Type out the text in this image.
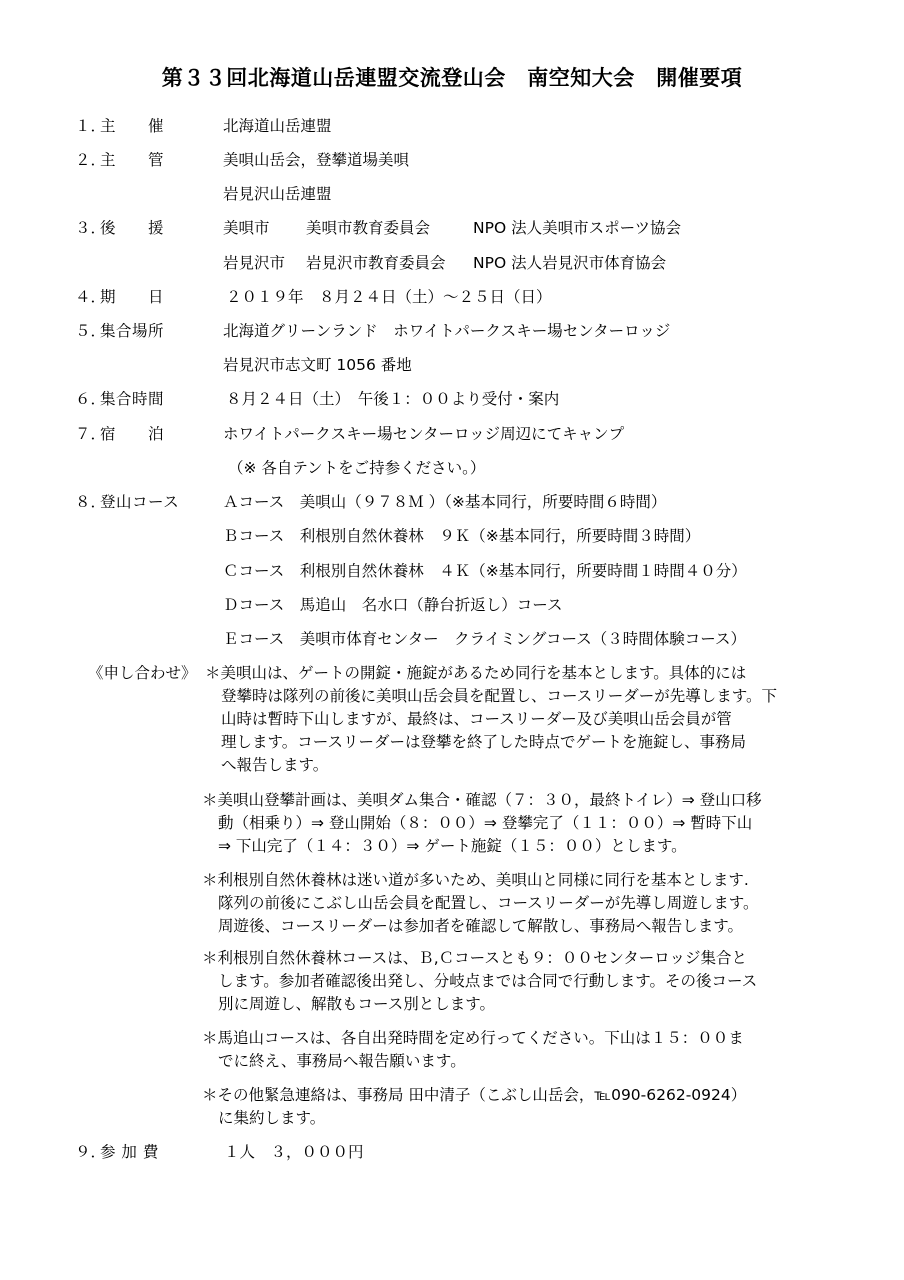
第３３回北海道山岳連盟交流登山会　南空知大会　開催要項
１．
主　　催	北海道山岳連盟
２．
主　　管	美唄山岳会，登攀道場美唄
岩見沢山岳連盟
３．
後　　援	美唄市 美唄市教育委員会	NPO 法人美唄市スポーツ協会
岩見沢市 岩見沢市教育委員会 NPO 法人岩見沢市体育協会
４．
期　　日	２０１９年　８月２４日（土）～２５日（日）
５．
集合場所	北海道グリーンランド　ホワイトパークスキー場センターロッジ
岩見沢市志文町 1056 番地
６．
集合時間	８月２４日（土）　午後１：００より受付・案内
７．
宿　　泊	ホワイトパークスキー場センターロッジ周辺にてキャンプ
（※ 各自テントをご持参ください。）
８．
登山コース	Ａコース　美唄山（９７８Ｍ ）（※基本同行，所要時間６時間）
Ｂコース　利根別自然休養林　９Ｋ（※基本同行，所要時間３時間）
Ｃコース　利根別自然休養林　４Ｋ（※基本同行，所要時間１時間４０分）
Ｄコース　馬追山　名水口（静台折返し）コース
Ｅコース　美唄市体育センター　クライミングコース（３時間体験コース）
《申し合わせ》 ＊美唄山は、ゲートの開錠・施錠があるため同行を基本とします。具体的には
登攀時は隊列の前後に美唄山岳会員を配置し、コースリーダーが先導します。下
山時は暫時下山しますが、最終は、コースリーダー及び美唄山岳会員が管
理します。コースリーダーは登攀を終了した時点でゲートを施錠し、事務局
へ報告します。
＊美唄山登攀計画は、美唄ダム集合・確認（７：３０，最終トイレ）⇒ 登山口移
動（相乗り）⇒ 登山開始（８：００）⇒ 登攀完了（１１：００）⇒ 暫時下山
⇒ 下山完了（１４：３０）⇒ ゲート施錠（１５：００）とします。
＊利根別自然休養林は迷い道が多いため、美唄山と同様に同行を基本とします.
隊列の前後にこぶし山岳会員を配置し、コースリーダーが先導し周遊します。
周遊後、コースリーダーは参加者を確認して解散し、事務局へ報告します。
＊利根別自然休養林コースは、Ｂ,Ｃコースとも９：００センターロッジ集合と
します。参加者確認後出発し、分岐点までは合同で行動します。その後コース
別に周遊し、解散もコース別とします。
＊馬追山コースは、各自出発時間を定め行ってください。下山は１５：００ま
でに終え、事務局へ報告願います。
＊その他緊急連絡は、事務局 田中清子（こぶし山岳会，℡090-6262-0924）
に集約します。
９．
参 加 費	１人　３，０００円
